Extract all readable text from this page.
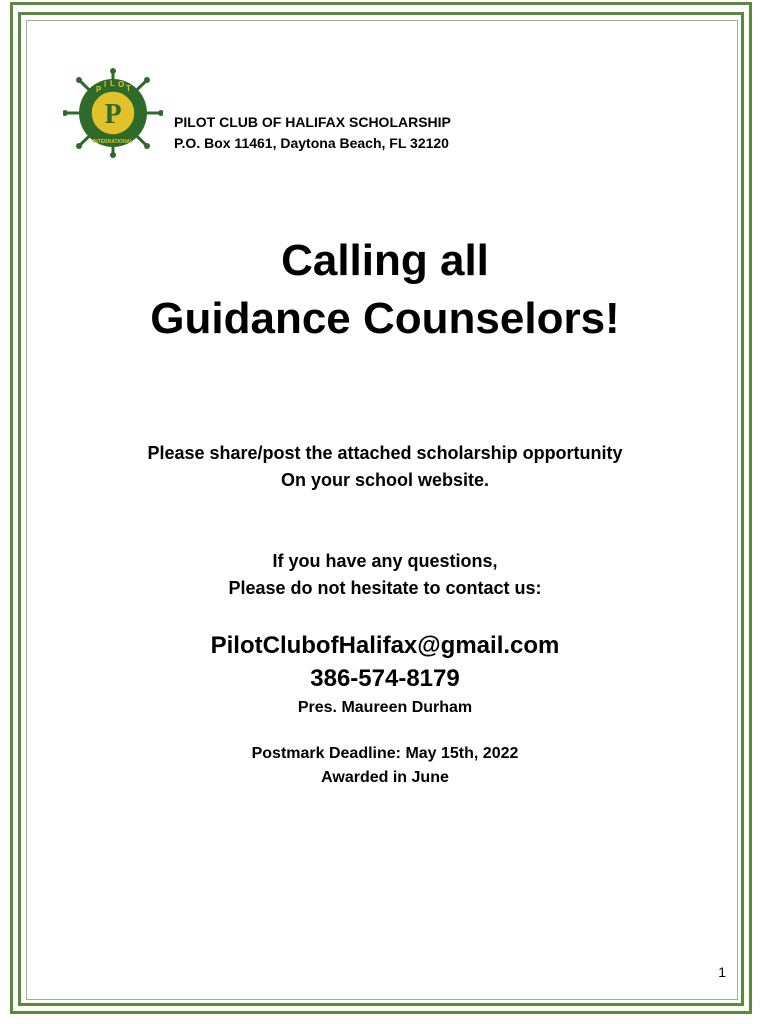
P
P
I L O T
INTERNATIONAL
PILOT CLUB OF HALIFAX SCHOLARSHIP
P.O. Box 11461, Daytona Beach, FL 32120
Calling all
Guidance Counselors!
Please share/post the attached scholarship opportunity
On your school website.
If you have any questions,
Please do not hesitate to contact us:
PilotClubofHalifax@gmail.com
386-574-8179
Pres. Maureen Durham
Postmark Deadline: May 15th, 2022
Awarded in June
1
